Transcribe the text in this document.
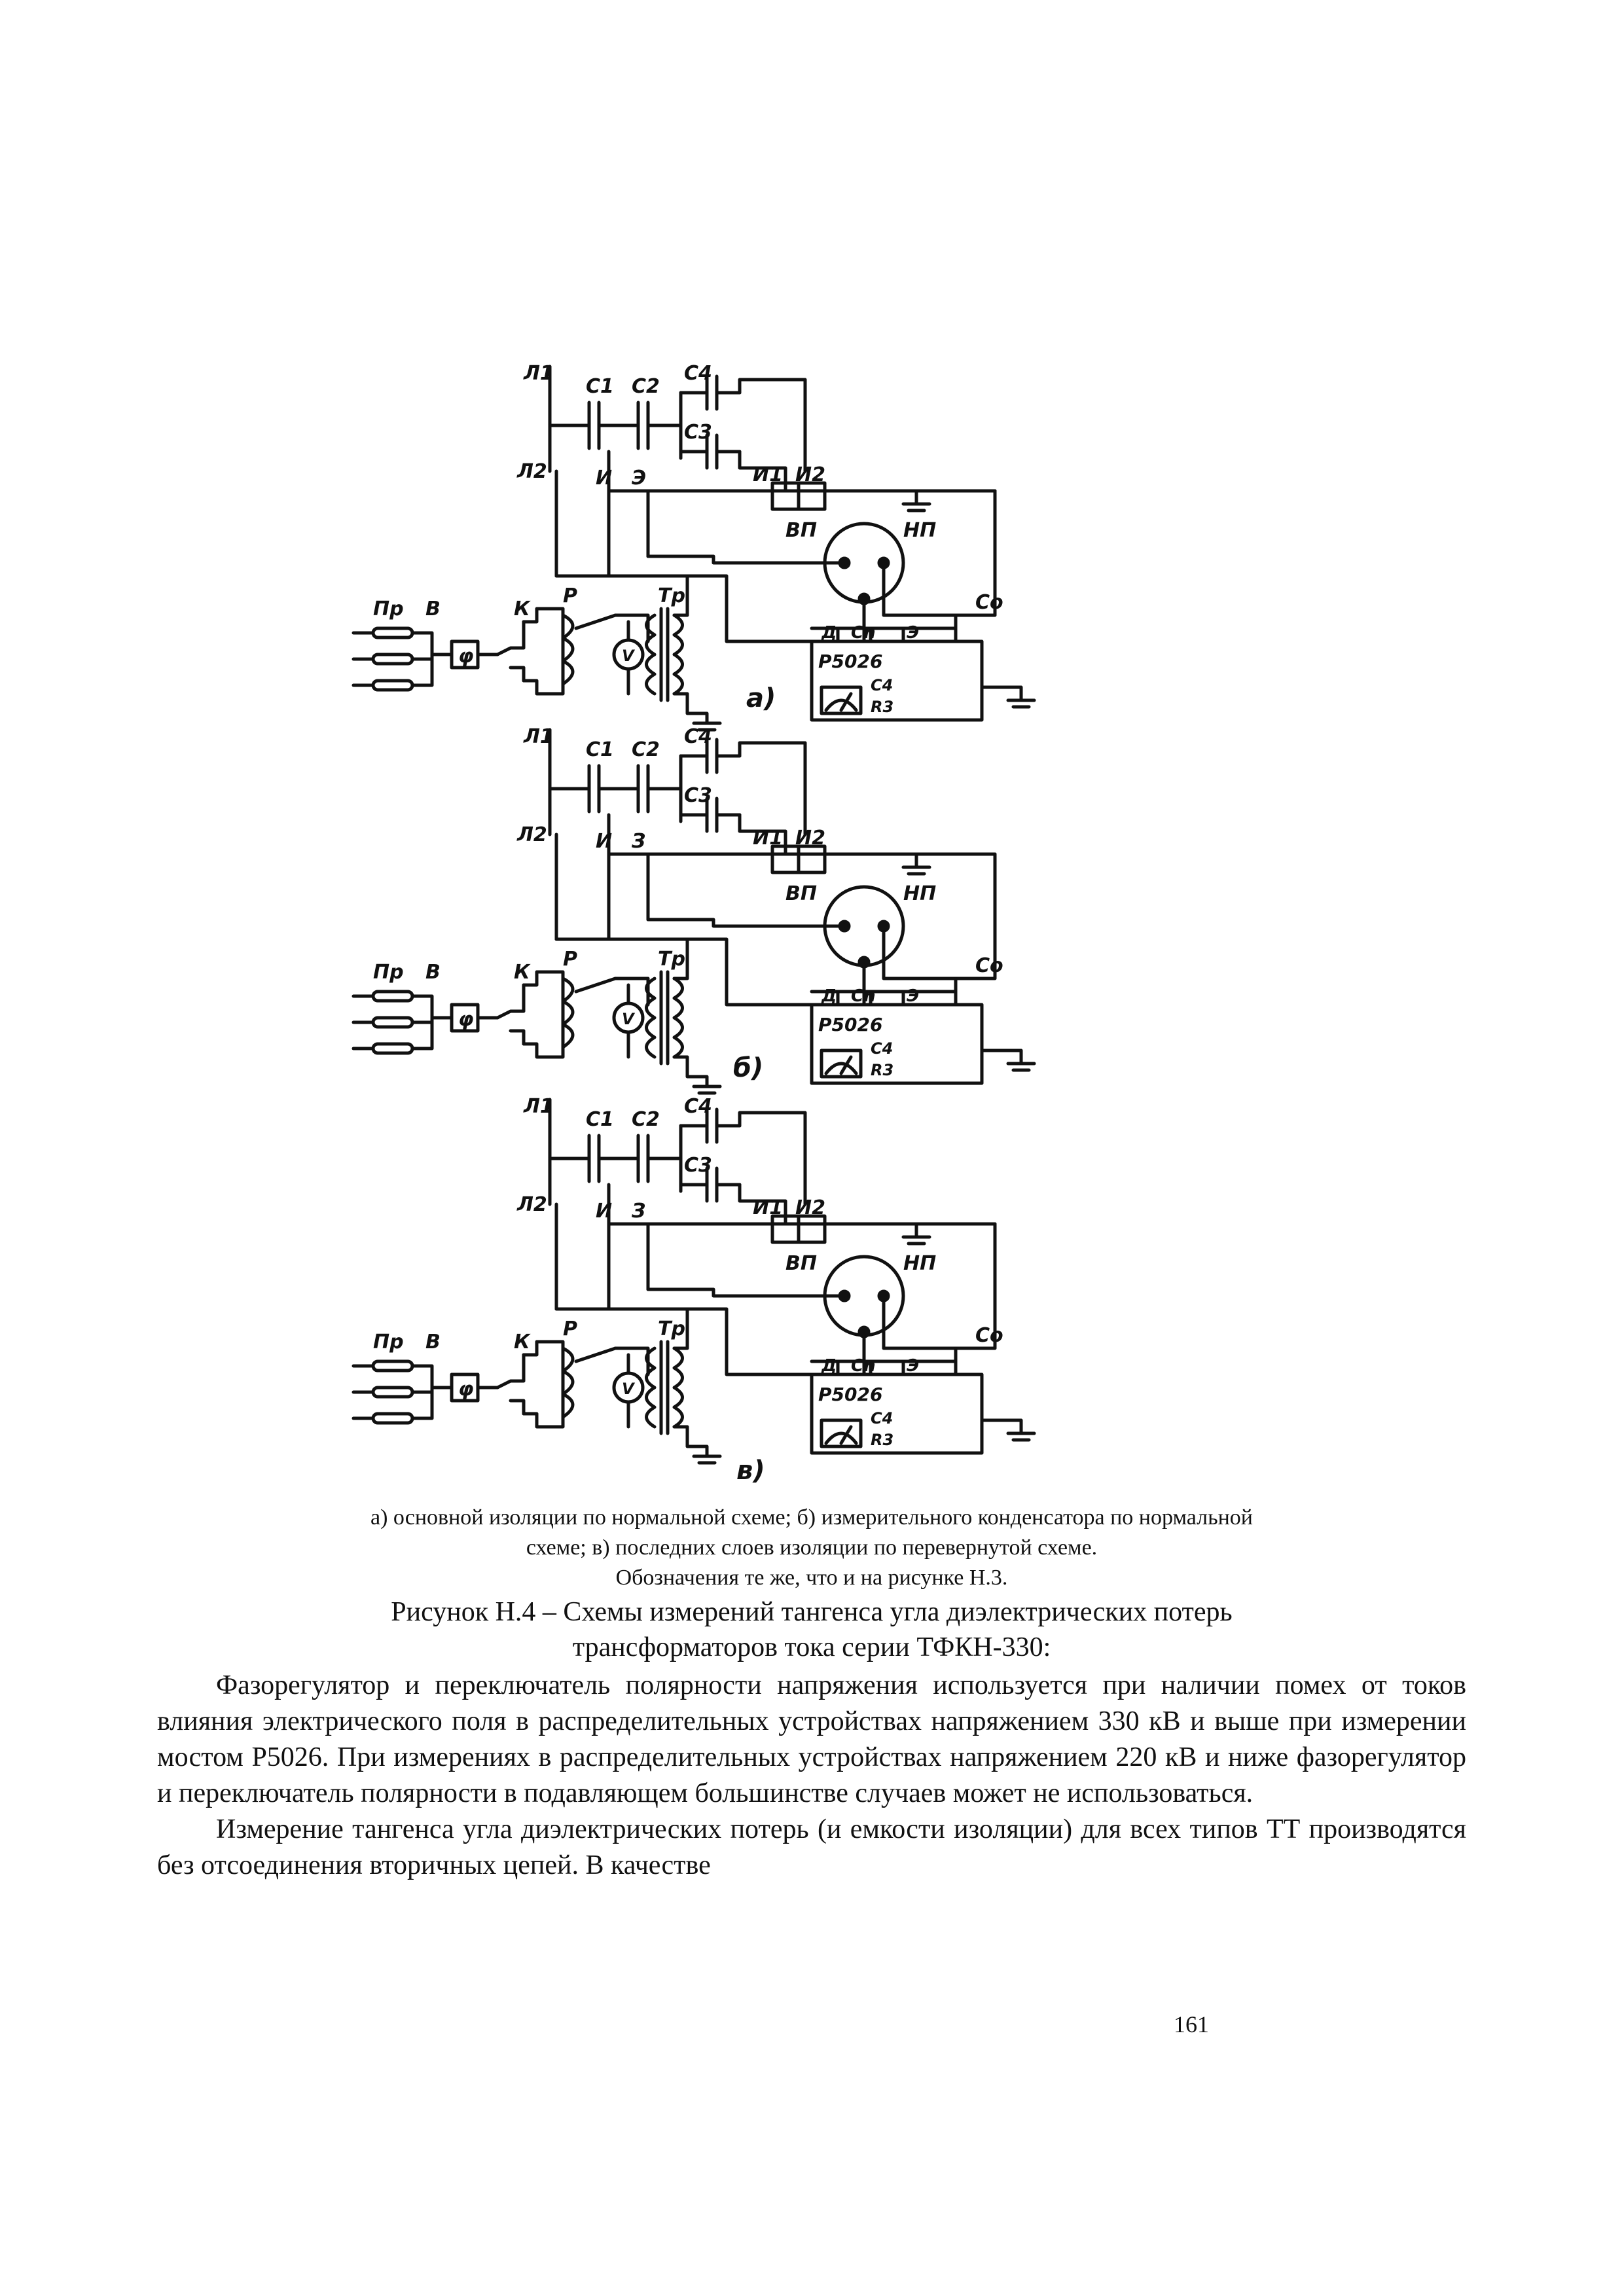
Л1
Л2
С1 С2
С3
С4
И Э	И1 И2
ВП	НП
Пр В
φ
К
Р	Тр
V
Д Сn Э
Со
Р5026
С4
R3
а)
Л1
Л2
С1 С2
С3
С4
И З	И1 И2
ВП	НП
Пр В
φ
К
Р	Тр
V
Д Сn Э
Сo
Р5026
С4
R3
б)
Л1
Л2
С1 С2
С3
С4
И З	И1 И2
ВП	НП
Пр В
φ
К
Р	Тр
V
Д Сn Э
Со
Р5026
С4
R3
в)
а) основной изоляции по нормальной схеме; б) измерительного конденсатора по нормальной
схеме; в) последних слоев изоляции по перевернутой схеме.
Обозначения те же, что и на рисунке Н.3.
Рисунок Н.4 – Схемы измерений тангенса угла диэлектрических потерь
трансформаторов тока серии ТФКН-330:

Фазорегулятор и переключатель полярности напряжения используется при наличии помех от токов влияния электрического поля в распределительных устройствах напряжением 330 кВ и выше при измерении мостом Р5026. При измерениях в распределительных устройствах напряжением 220 кВ и ниже фазорегулятор и переключатель полярности в подавляющем большинстве случаев может не использоваться.

Измерение тангенса угла диэлектрических потерь (и емкости изоляции) для всех типов ТТ производятся без отсоединения вторичных цепей. В качестве

161
